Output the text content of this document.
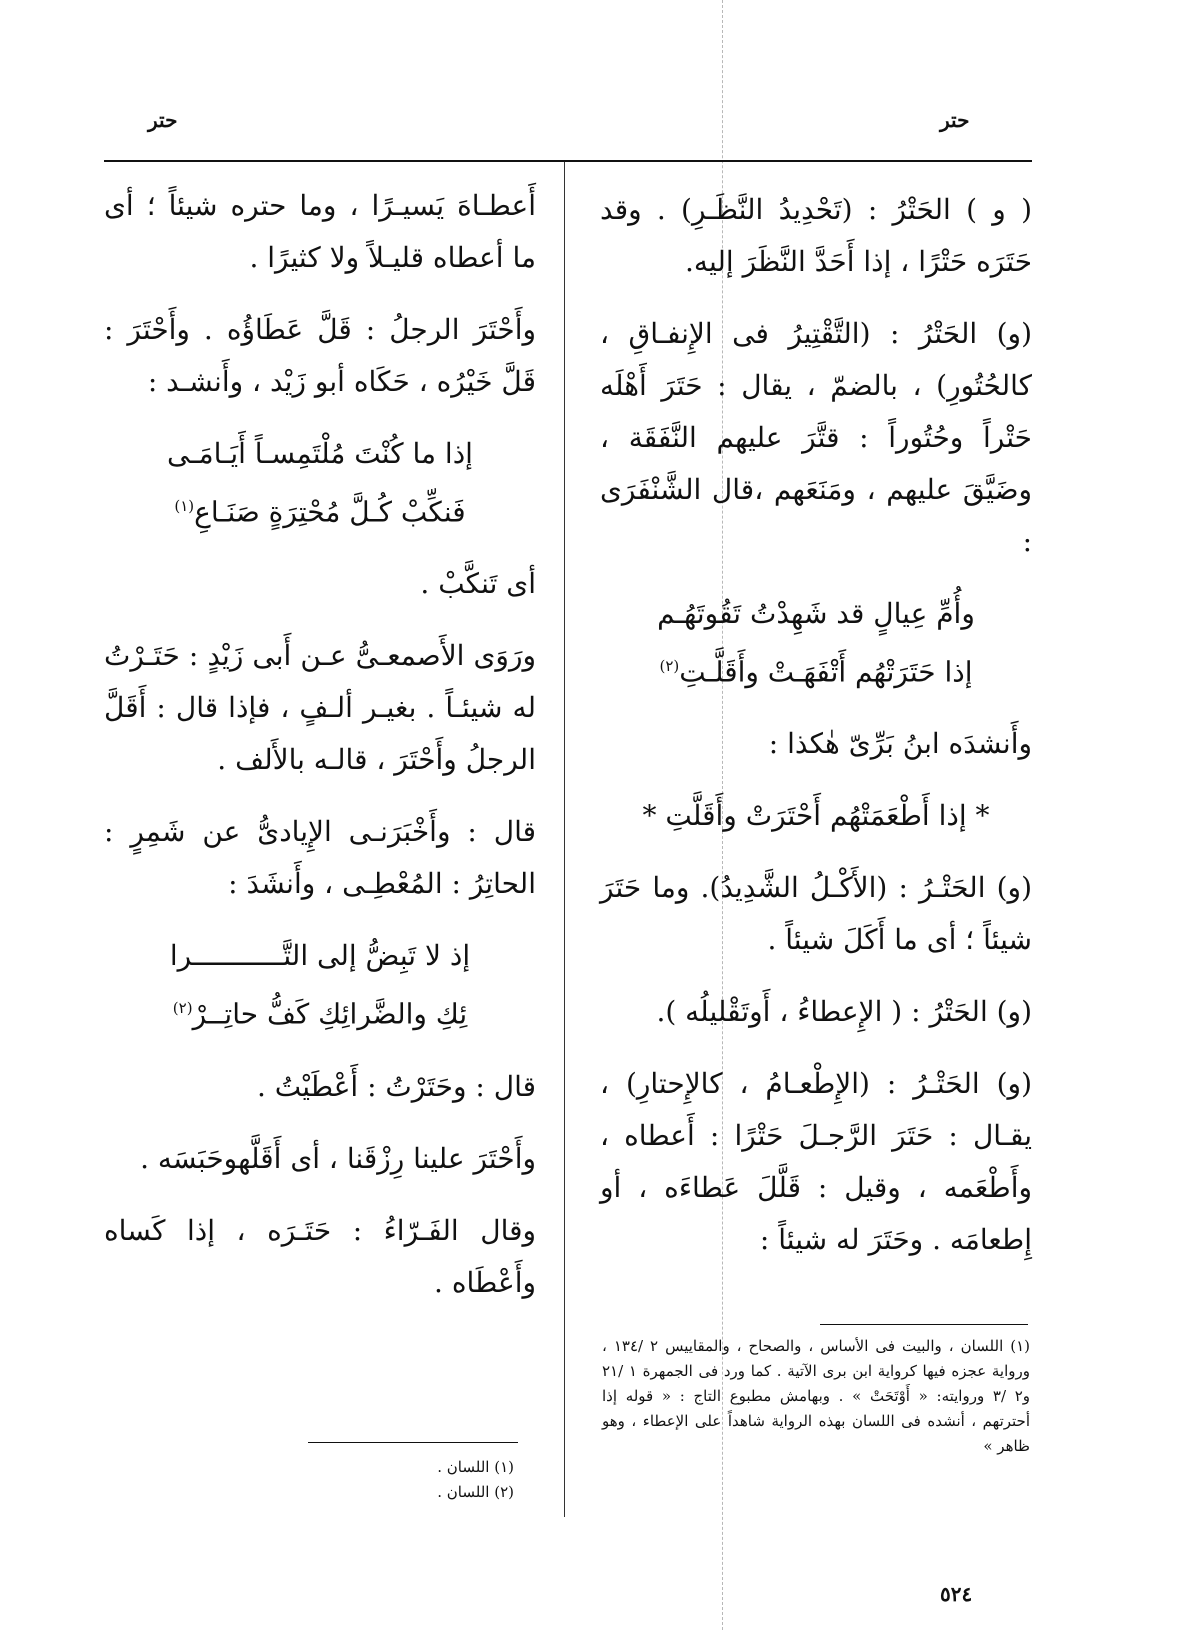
حتر
حتر

( و ) الحَتْرُ : (تَحْدِيدُ النَّظَـرِ) . وقد حَتَرَه حَتْرًا ، إذا أَحَدَّ النَّظَرَ إليه.

(و) الحَتْرُ : (التَّقْتِيرُ فى الإِنفـاقِ ، كالحُتُورِ) ، بالضمّ ، يقال : حَتَرَ أَهْلَه حَتْراً وحُتُوراً : قتَّرَ عليهم النَّفَقَة ، وضَيَّقَ عليهم ، ومَنَعَهم ،قال الشَّنْفَرَى :

وأُمِّ عِيالٍ قد شَهِدْتُ تَقُوتَهُـم
إذا حَتَرَتْهُم أَتْفَهَـتْ وأَقَلَّـتِ$^{(٢)}$

وأَنشدَه ابنُ بَرِّىّ هٰكذا :

* إذا أَطْعَمَتْهُم أَحْتَرَتْ وأَقَلَّتِ *

(و) الحَتْـرُ : (الأَكْـلُ الشَّدِيدُ). وما حَتَرَ شيئاً ؛ أى ما أَكَلَ شيئاً .

(و) الحَتْرُ : ( الإِعطاءُ ، أَوتَقْليلُه ).

(و) الحَتْـرُ : (الإِطْعـامُ ، كالإِحتارِ) ، يقـال : حَتَرَ الرَّجـلَ حَتْرًا : أَعطاه ، وأَطْعَمه ، وقيل : قَلَّلَ عَطاءَه ، أو إِطعامَه . وحَتَرَ له شيئاً :

أَعطـاهَ يَسيـرًا ، وما حتره شيئاً ؛ أى ما أعطاه قليـلاً ولا كثيرًا .

وأَحْتَرَ الرجلُ : قَلَّ عَطَاؤُه . وأَحْتَرَ : قَلَّ خَيْرُه ، حَكَاه أبو زَيْد ، وأَنشـد :

إذا ما كُنْتَ مُلْتَمِسـاً أَيَـامَـى
فَنكِّبْ كُـلَّ مُحْتِرَةٍ صَنَـاعِ$^{(١)}$

أى تَنكَّبْ .

ورَوَى الأَصمعـىُّ عـن أَبى زَيْدٍ : حَتَـرْتُ له شيئـاً . بغيـر ألـفٍ ، فإذا قال : أَقَلَّ الرجلُ وأَحْتَرَ ، قالـه بالأَلف .

قال : وأَخْبَرَنـى الإِيادىُّ عن شَمِرٍ : الحاتِرُ : المُعْطِـى ، وأَنشَدَ :

إذ لا تَبِضُّ إلى التَّـــــــــــرا
ئِكِ والضَّرائِكِ كَفُّ حاتِــرْ$^{(٢)}$

قال : وحَتَرْتُ : أَعْطَيْتُ .

وأَحْتَرَ علينا رِزْقَنا ، أى أَقَلَّهوحَبَسَه .

وقال الفَـرّاءُ : حَتَـرَه ، إذا كَساه وأَعْطَاه .

(١) اللسان ، والبيت فى الأساس ، والصحاح ، والمقاييس ٢ /١٣٤ ، ورواية عجزه فيها كرواية ابن برى الآتية . كما ورد فى الجمهرة ١ /٢١ و٢ /٣ وروايته: « أَوْتَحَتْ » . وبهامش مطبوع التاج : « قوله إذا أحترتهم ، أنشده فى اللسان بهذه الرواية شاهداً على الإعطاء ، وهو ظاهر »

(١) اللسان .

(٢) اللسان .

٥٢٤
